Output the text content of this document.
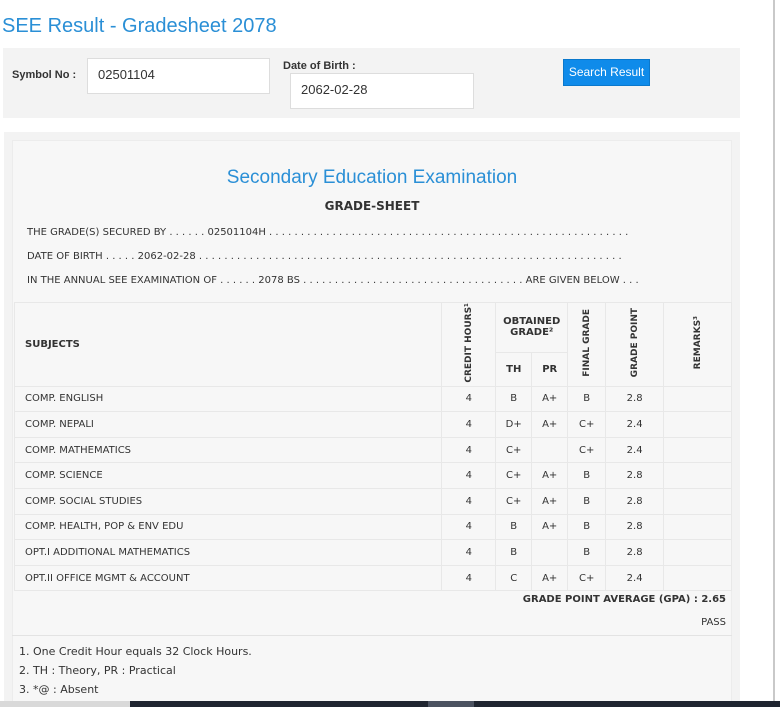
SEE Result - Gradesheet 2078
Symbol No :	02501104
Date of Birth :
2062-02-28
Search Result
Secondary Education Examination
GRADE-SHEET
THE GRADE(S) SECURED BY . . . . . . 02501104H . . . . . . . . . . . . . . . . . . . . . . . . . . . . . . . . . . . . . . . . . . . . . . . . . . . . . . . . .
DATE OF BIRTH . . . . . 2062-02-28 . . . . . . . . . . . . . . . . . . . . . . . . . . . . . . . . . . . . . . . . . . . . . . . . . . . . . . . . . . . . . . . . . . .
IN THE ANNUAL SEE EXAMINATION OF . . . . . . 2078 BS . . . . . . . . . . . . . . . . . . . . . . . . . . . . . . . . . . . ARE GIVEN BELOW . . .
SUBJECTS	CREDIT HOURS¹	OBTAINED GRADE²		FINAL GRADE	GRADE POINT	REMARKS³
		TH	PR			
COMP. ENGLISH	4	B	A+	B	2.8	
COMP. NEPALI	4	D+	A+	C+	2.4	
COMP. MATHEMATICS	4	C+		C+	2.4	
COMP. SCIENCE	4	C+	A+	B	2.8	
COMP. SOCIAL STUDIES	4	C+	A+	B	2.8	
COMP. HEALTH, POP & ENV EDU	4	B	A+	B	2.8	
OPT.I ADDITIONAL MATHEMATICS	4	B		B	2.8	
OPT.II OFFICE MGMT & ACCOUNT	4	C	A+	C+	2.4	
GRADE POINT AVERAGE (GPA) : 2.65
PASS
1. One Credit Hour equals 32 Clock Hours.
2. TH : Theory, PR : Practical
3. *@ : Absent
